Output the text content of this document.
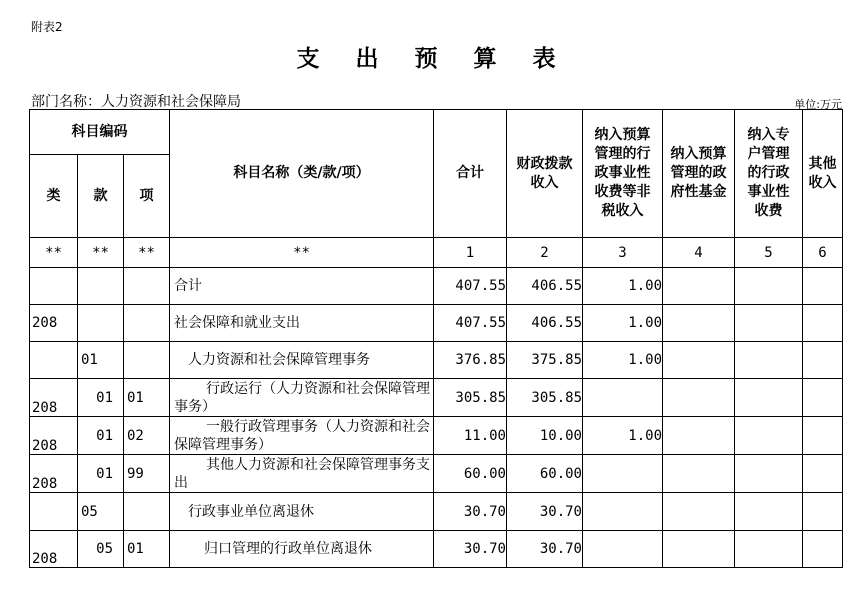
附表2
支 出 预 算 表
部门名称：人力资源和社会保障局	单位:万元
科目编码			科目名称（类/款/项）	合计	财政拨款收入	纳入预算管理的行政事业性收费等非税收入	纳入预算管理的政府性基金	纳入专户管理的行政事业性收费	其他收入
类	款	项							
**	**	**	**	1	2	3	4	5	6
			合计	407.55	406.55	1.00			
208			社会保障和就业支出	407.55	406.55	1.00			
	01		人力资源和社会保障管理事务	376.85	375.85	1.00			
208	01	01	行政运行（人力资源和社会保障管理事务）	305.85	305.85				
208	01	02	一般行政管理事务（人力资源和社会保障管理事务）	11.00	10.00	1.00			
208	01	99	其他人力资源和社会保障管理事务支出	60.00	60.00				
	05		行政事业单位离退休	30.70	30.70				
208	05	01	归口管理的行政单位离退休	30.70	30.70				
